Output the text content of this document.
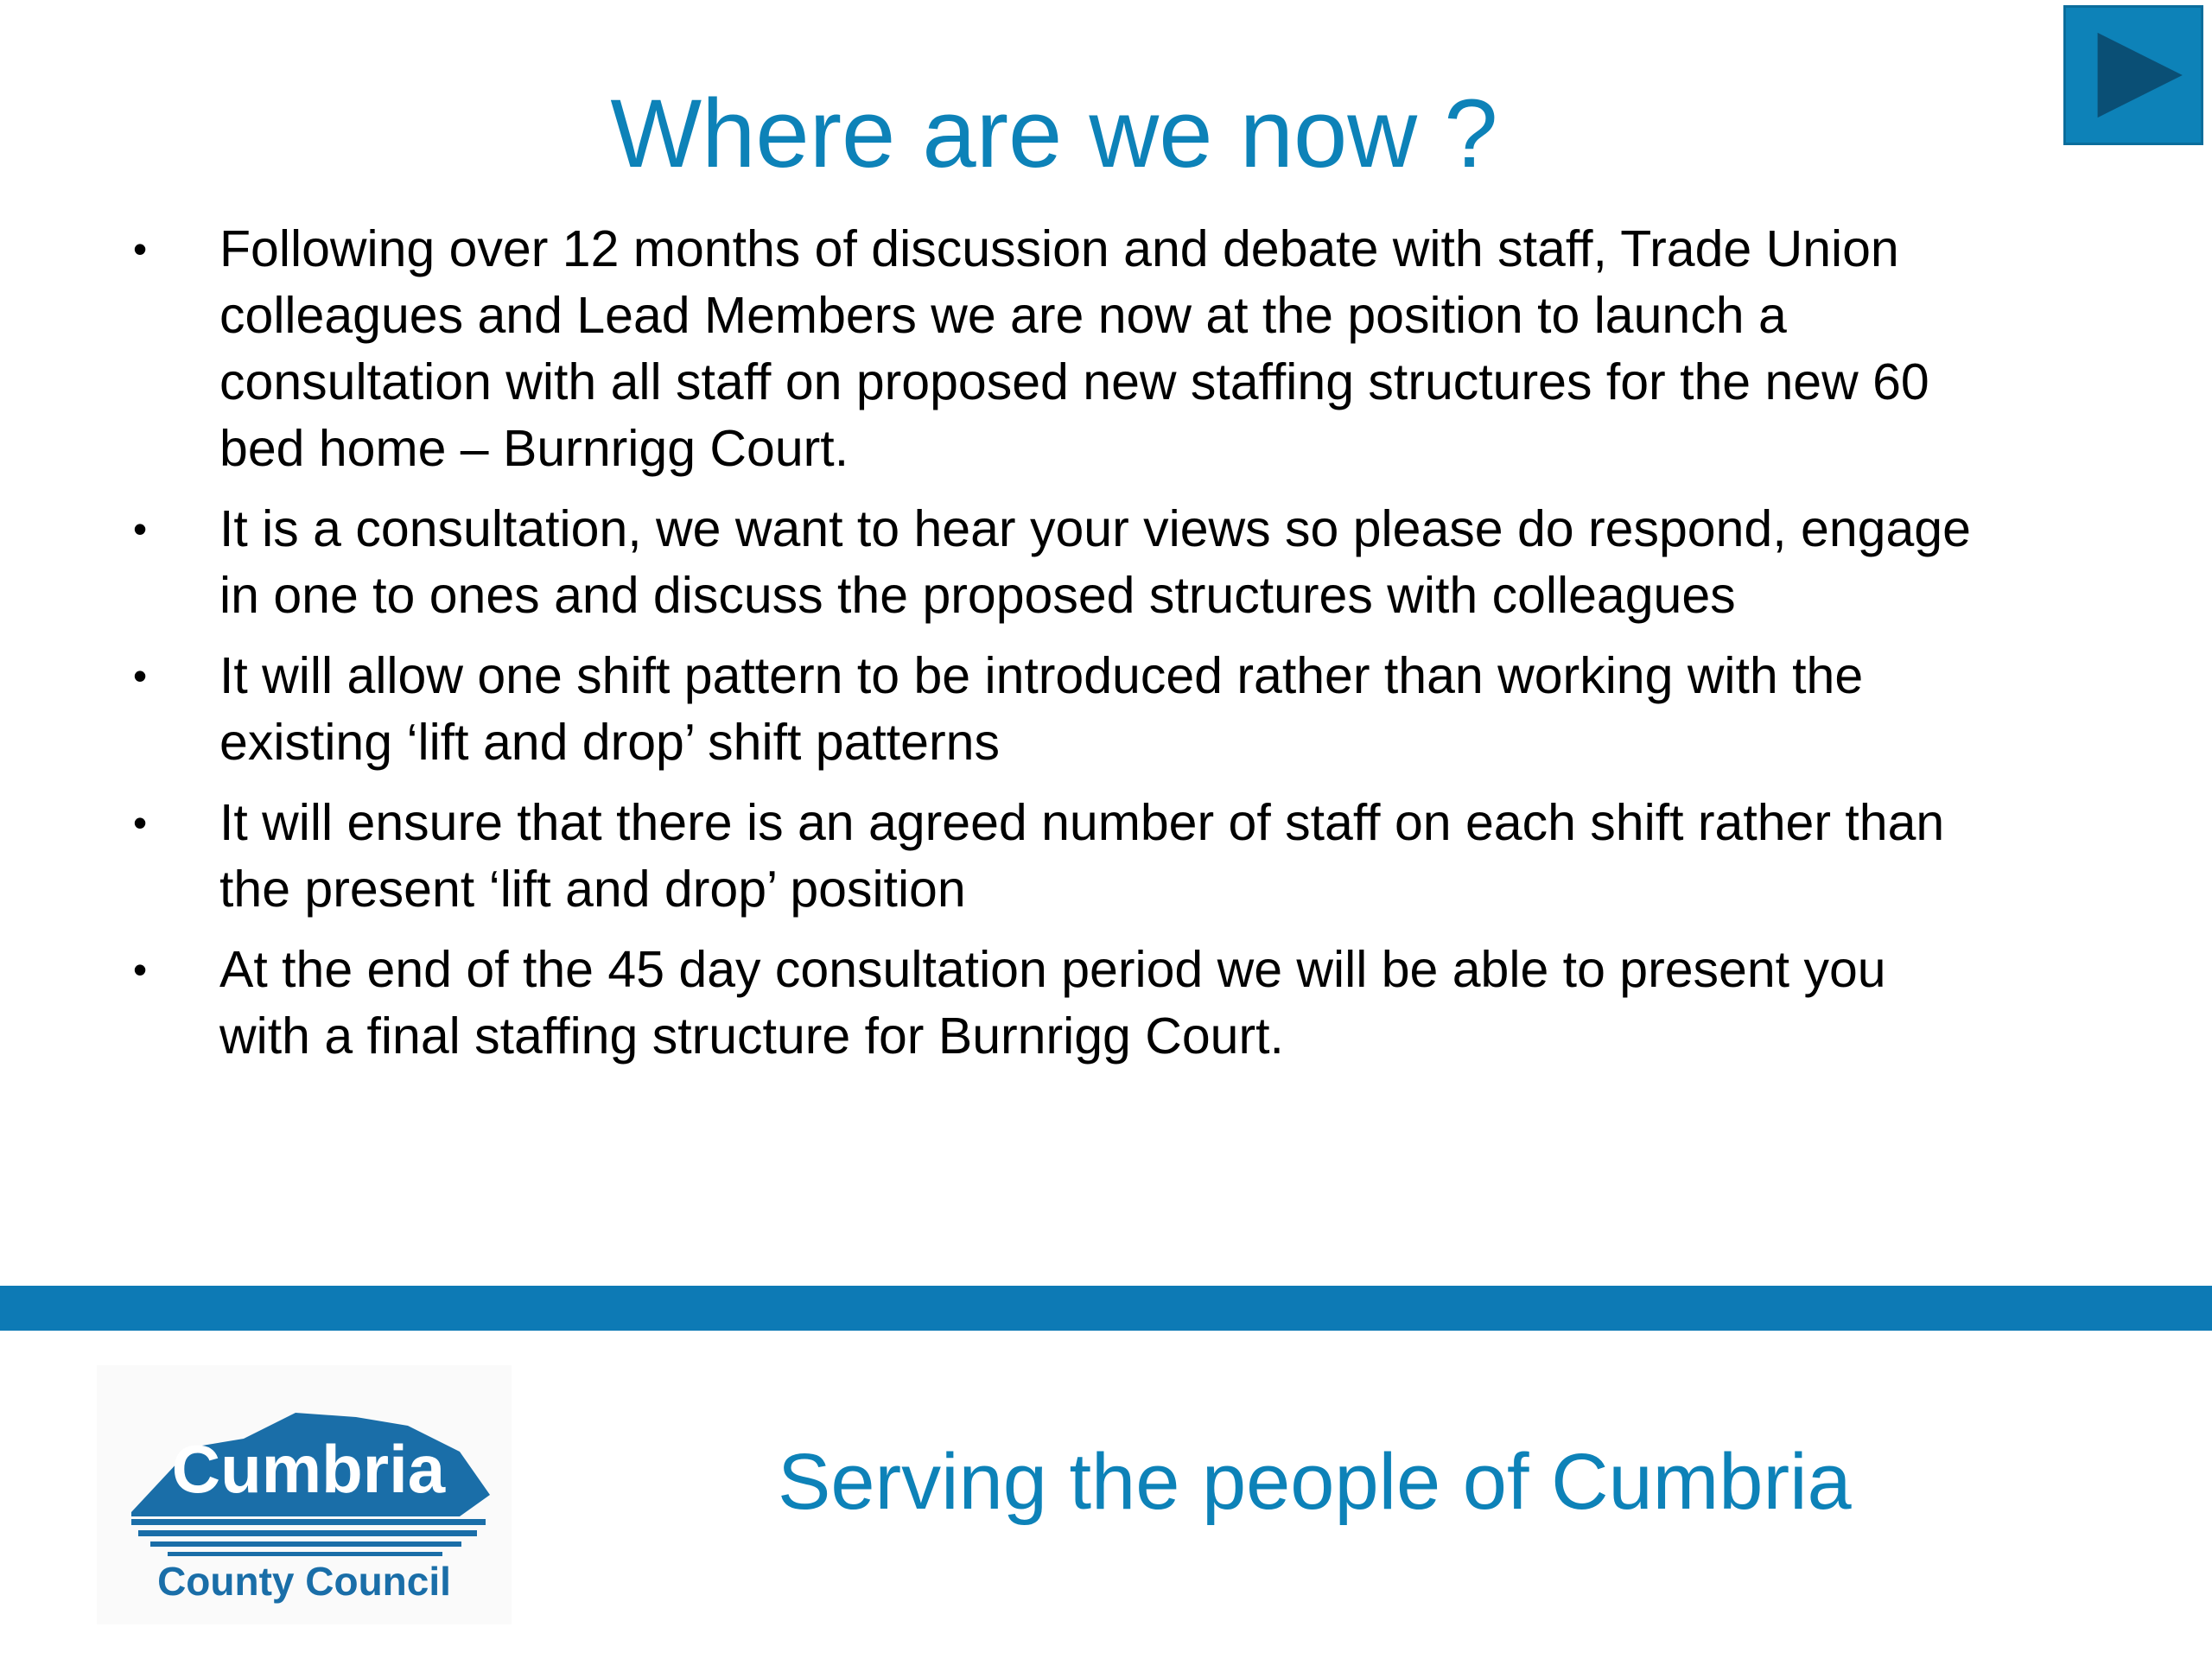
Where are we now ?
• Following over 12 months of discussion and debate with staff, Trade Union colleagues and Lead Members we are now at the position to launch a consultation with all staff on proposed new staffing structures for the new 60 bed home – Burnrigg Court.
• It is a consultation, we want to hear your views so please do respond, engage in one to ones and discuss the proposed structures with colleagues
• It will allow one shift pattern to be introduced rather than working with the existing ‘lift and drop’ shift patterns
• It will ensure that there is an agreed number of staff on each shift rather than the present ‘lift and drop’ position
• At the end of the 45 day consultation period we will be able to present you with a final staffing structure for Burnrigg Court.
Cumbria
County Council
Serving the people of Cumbria
